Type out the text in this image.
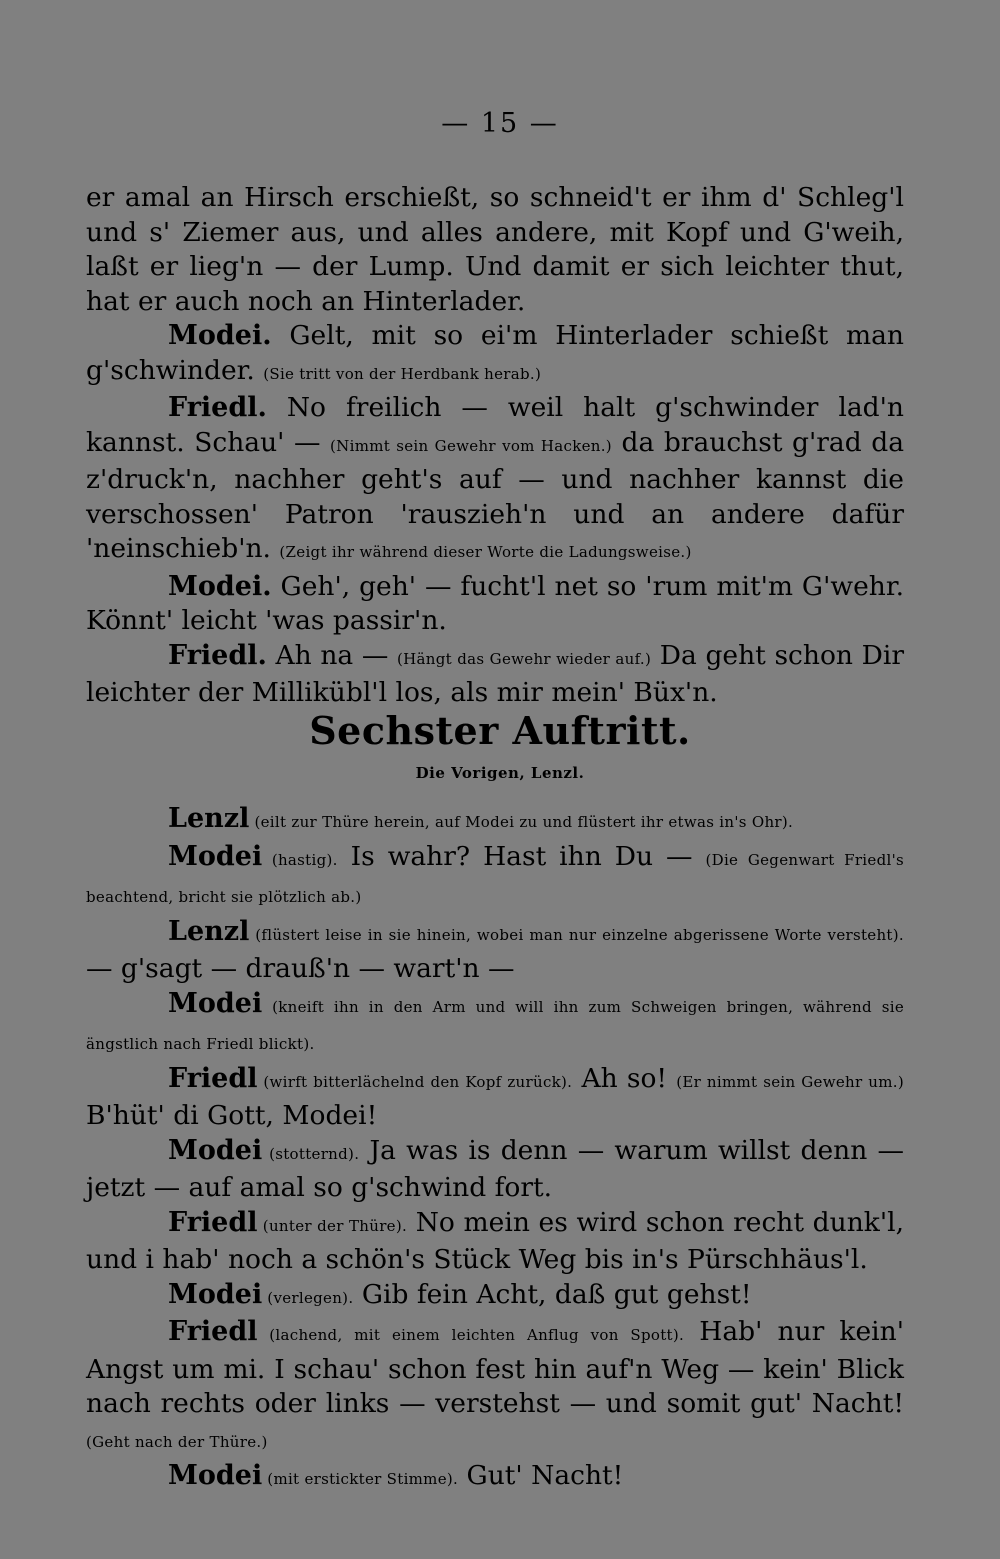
— 15 —

er amal an Hirsch erschießt, so schneid't er ihm d' Schleg'l und s' Ziemer aus, und alles andere, mit Kopf und G'weih, laßt er lieg'n — der Lump. Und damit er sich leichter thut, hat er auch noch an Hinterlader.

Modei. Gelt, mit so ei'm Hinterlader schießt man g'schwinder. (Sie tritt von der Herdbank herab.)

Friedl. No freilich — weil halt g'schwinder lad'n kannst. Schau' — (Nimmt sein Gewehr vom Hacken.) da brauchst g'rad da z'druck'n, nachher geht's auf — und nachher kannst die verschossen' Patron 'rauszieh'n und an andere dafür 'neinschieb'n. (Zeigt ihr während dieser Worte die Ladungsweise.)

Modei. Geh', geh' — fucht'l net so 'rum mit'm G'wehr. Könnt' leicht 'was passir'n.

Friedl. Ah na — (Hängt das Gewehr wieder auf.) Da geht schon Dir leichter der Millikübl'l los, als mir mein' Büx'n.

Sechster Auftritt.
Die Vorigen, Lenzl.

Lenzl (eilt zur Thüre herein, auf Modei zu und flüstert ihr etwas in's Ohr).

Modei (hastig). Is wahr? Hast ihn Du — (Die Gegenwart Friedl's beachtend, bricht sie plötzlich ab.)

Lenzl (flüstert leise in sie hinein, wobei man nur einzelne abgerissene Worte versteht). — g'sagt — drauß'n — wart'n —

Modei (kneift ihn in den Arm und will ihn zum Schweigen bringen, während sie ängstlich nach Friedl blickt).

Friedl (wirft bitterlächelnd den Kopf zurück). Ah so! (Er nimmt sein Gewehr um.) B'hüt' di Gott, Modei!

Modei (stotternd). Ja was is denn — warum willst denn — jetzt — auf amal so g'schwind fort.

Friedl (unter der Thüre). No mein es wird schon recht dunk'l, und i hab' noch a schön's Stück Weg bis in's Pürschhäus'l.

Modei (verlegen). Gib fein Acht, daß gut gehst!

Friedl (lachend, mit einem leichten Anflug von Spott). Hab' nur kein' Angst um mi. I schau' schon fest hin auf'n Weg — kein' Blick nach rechts oder links — verstehst — und somit gut' Nacht! (Geht nach der Thüre.)

Modei (mit erstickter Stimme). Gut' Nacht!
